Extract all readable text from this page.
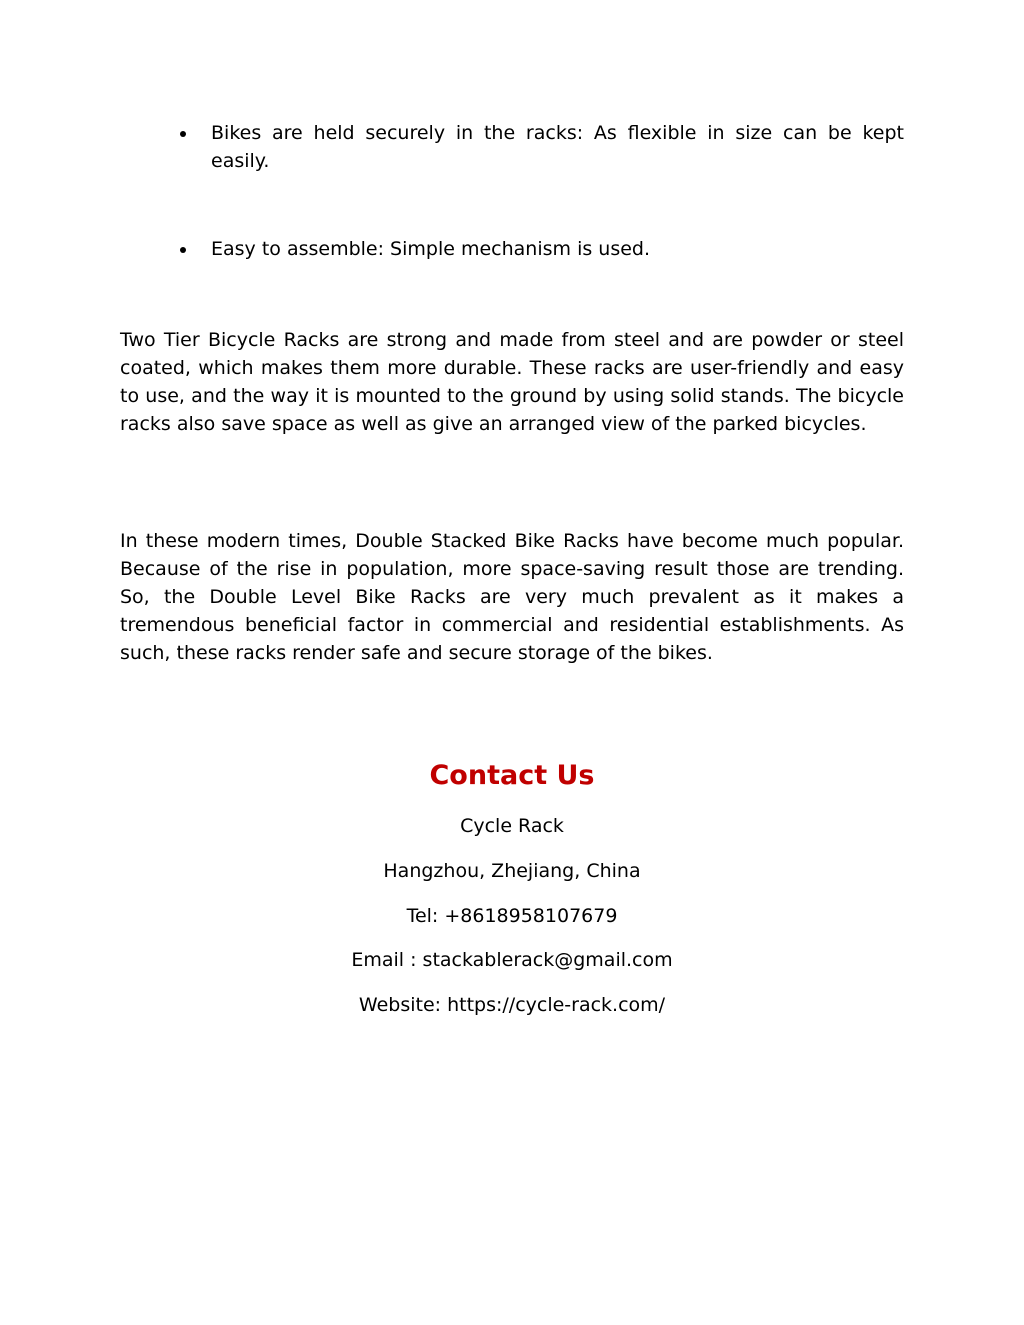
Bikes are held securely in the racks: As flexible in size can be kept easily.
Easy to assemble: Simple mechanism is used.

Two Tier Bicycle Racks are strong and made from steel and are powder or steel coated, which makes them more durable. These racks are user-friendly and easy to use, and the way it is mounted to the ground by using solid stands. The bicycle racks also save space as well as give an arranged view of the parked bicycles.

In these modern times, Double Stacked Bike Racks have become much popular. Because of the rise in population, more space-saving result those are trending. So, the Double Level Bike Racks are very much prevalent as it makes a tremendous beneficial factor in commercial and residential establishments. As such, these racks render safe and secure storage of the bikes.

Contact Us

Cycle Rack

Hangzhou, Zhejiang, China

Tel: +8618958107679

Email : stackablerack@gmail.com

Website: https://cycle-rack.com/
